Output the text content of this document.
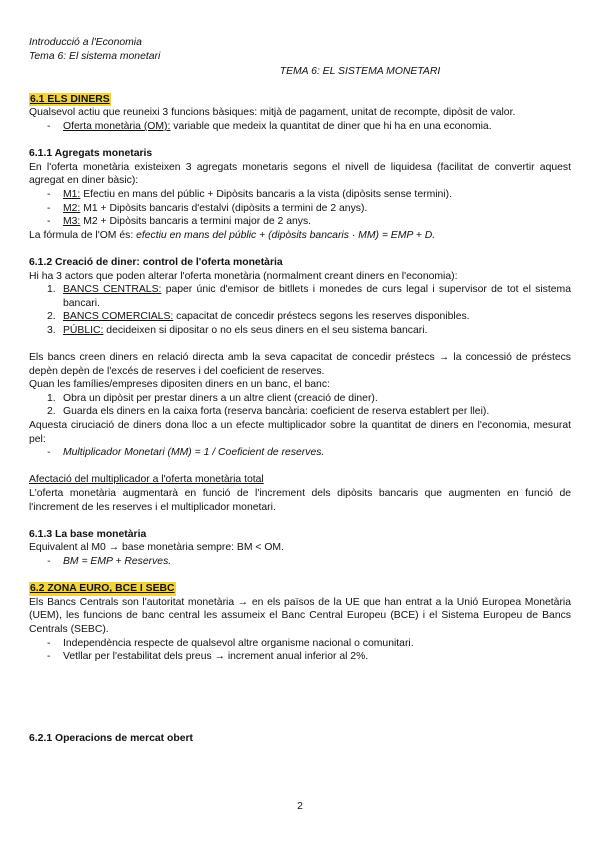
Introducció a l'Economia
Tema 6: El sistema monetari
TEMA 6: EL SISTEMA MONETARI
6.1 ELS DINERS

Qualsevol actiu que reuneixi 3 funcions bàsiques: mitjà de pagament, unitat de recompte, dipòsit de valor.

- Oferta monetària (OM): variable que medeix la quantitat de diner que hi ha en una economia.
6.1.1 Agregats monetaris

En l'oferta monetària existeixen 3 agregats monetaris segons el nivell de liquidesa (facilitat de convertir aquest agregat en diner bàsic):

- M1: Efectiu en mans del públic + Dipòsits bancaris a la vista (dipòsits sense termini).
- M2: M1 + Dipòsits bancaris d'estalvi (dipòsits a termini de 2 anys).
- M3: M2 + Dipòsits bancaris a termini major de 2 anys.

La fórmula de l'OM és: efectiu en mans del públic + (dipòsits bancaris · MM) = EMP + D.

6.1.2 Creació de diner: control de l'oferta monetària

Hi ha 3 actors que poden alterar l'oferta monetària (normalment creant diners en l'economia):

1. BANCS CENTRALS: paper únic d'emisor de bitllets i monedes de curs legal i supervisor de tot el sistema bancari.
2. BANCS COMERCIALS: capacitat de concedir préstecs segons les reserves disponibles.
3. PÚBLIC: decideixen si dipositar o no els seus diners en el seu sistema bancari.

Els bancs creen diners en relació directa amb la seva capacitat de concedir préstecs → la concessió de préstecs depèn depèn de l'excés de reserves i del coeficient de reserves.

Quan les famílies/empreses dipositen diners en un banc, el banc:

1. Obra un dipòsit per prestar diners a un altre client (creació de diner).
2. Guarda els diners en la caixa forta (reserva bancària: coeficient de reserva establert per llei).

Aquesta ciruciació de diners dona lloc a un efecte multiplicador sobre la quantitat de diners en l'economia, mesurat pel:

- Multiplicador Monetari (MM) = 1 / Coeficient de reserves.
Afectació del multiplicador a l'oferta monetària total

L'oferta monetària augmentarà en funció de l'increment dels dipòsits bancaris que augmenten en funció de l'increment de les reserves i el multiplicador monetari.

6.1.3 La base monetària

Equivalent al M0 → base monetària sempre: BM < OM.

- BM = EMP + Reserves.
6.2 ZONA EURO, BCE I SEBC

Els Bancs Centrals son l'autoritat monetària → en els països de la UE que han entrat a la Unió Europea Monetària (UEM), les funcions de banc central les assumeix el Banc Central Europeu (BCE) i el Sistema Europeu de Bancs Centrals (SEBC).

- Independència respecte de qualsevol altre organisme nacional o comunitari.
- Vetllar per l'estabilitat dels preus → increment anual inferior al 2%.
6.2.1 Operacions de mercat obert
2
